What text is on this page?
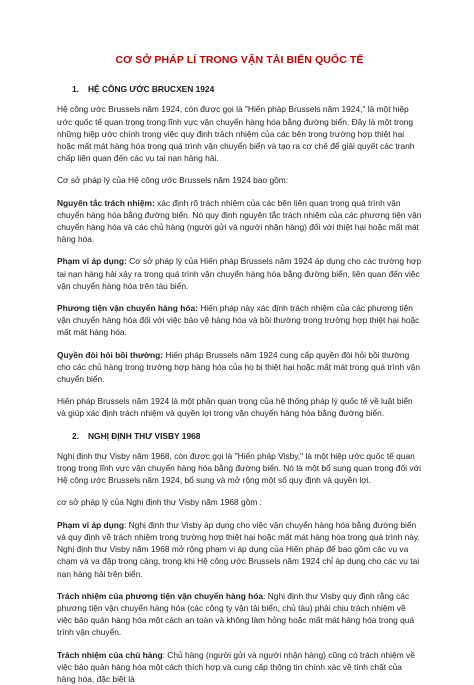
CƠ SỞ PHÁP LÍ TRONG VẬN TẢI BIỂN QUỐC TẾ
1. HỆ CÔNG ƯỚC BRUCXEN 1924

Hệ công ước Brussels năm 1924, còn được gọi là "Hiến pháp Brussels năm 1924," là một hiệp ước quốc tế quan trọng trong lĩnh vực vận chuyển hàng hóa bằng đường biển. Đây là một trong những hiệp ước chính trong việc quy định trách nhiệm của các bên trong trường hợp thiệt hại hoặc mất mát hàng hóa trong quá trình vận chuyển biển và tạo ra cơ chế để giải quyết các tranh chấp liên quan đến các vụ tai nạn hàng hải.

Cơ sở pháp lý của Hệ công ước Brussels năm 1924 bao gồm:

Nguyên tắc trách nhiệm: xác định rõ trách nhiệm của các bên liên quan trong quá trình vận chuyển hàng hóa bằng đường biển. Nó quy định nguyên tắc trách nhiệm của các phương tiện vận chuyển hàng hóa và các chủ hàng (người gửi và người nhận hàng) đối với thiệt hại hoặc mất mát hàng hóa.

Phạm vi áp dụng: Cơ sở pháp lý của Hiến pháp Brussels năm 1924 áp dụng cho các trường hợp tai nạn hàng hải xảy ra trong quá trình vận chuyển hàng hóa bằng đường biển, liên quan đến việc vận chuyển hàng hóa trên tàu biển.

Phương tiện vận chuyển hàng hóa: Hiến pháp này xác định trách nhiệm của các phương tiện vận chuyển hàng hóa đối với việc bảo vệ hàng hóa và bồi thường trong trường hợp thiệt hại hoặc mất mát hàng hóa.

Quyền đòi hỏi bồi thường: Hiến pháp Brussels năm 1924 cung cấp quyền đòi hỏi bồi thường cho các chủ hàng trong trường hợp hàng hóa của họ bị thiệt hại hoặc mất mát trong quá trình vận chuyển biển.

Hiến pháp Brussels năm 1924 là một phần quan trọng của hệ thống pháp lý quốc tế về luật biển và giúp xác định trách nhiệm và quyền lợi trong vận chuyển hàng hóa bằng đường biển.

2. NGHỊ ĐỊNH THƯ VISBY 1968

Nghị định thư Visby năm 1968, còn được gọi là "Hiến pháp Visby," là một hiệp ước quốc tế quan trọng trong lĩnh vực vận chuyển hàng hóa bằng đường biển. Nó là một bổ sung quan trọng đối với Hệ công ước Brussels năm 1924, bổ sung và mở rộng một số quy định và quyền lợi.

cơ sở pháp lý của Nghị định thư Visby năm 1968 gồm :

Phạm vi áp dụng: Nghị định thư Visby áp dụng cho việc vận chuyển hàng hóa bằng đường biển và quy định về trách nhiệm trong trường hợp thiệt hại hoặc mất mát hàng hóa trong quá trình này. Nghị định thư Visby năm 1968 mở rộng phạm vi áp dụng của Hiến pháp để bao gồm các vụ va chạm và va đập trong cảng, trong khi Hệ công ước Brussels năm 1924 chỉ áp dụng cho các vụ tai nạn hàng hải trên biển.

Trách nhiệm của phương tiện vận chuyển hàng hóa: Nghị định thư Visby quy định rằng các phương tiện vận chuyển hàng hóa (các công ty vận tải biển, chủ tàu) phải chịu trách nhiệm về việc bảo quản hàng hóa một cách an toàn và không làm hỏng hoặc mất mát hàng hóa trong quá trình vận chuyển.

Trách nhiệm của chủ hàng: Chủ hàng (người gửi và người nhận hàng) cũng có trách nhiệm về việc bảo quản hàng hóa một cách thích hợp và cung cấp thông tin chính xác về tính chất của hàng hóa, đặc biệt là
